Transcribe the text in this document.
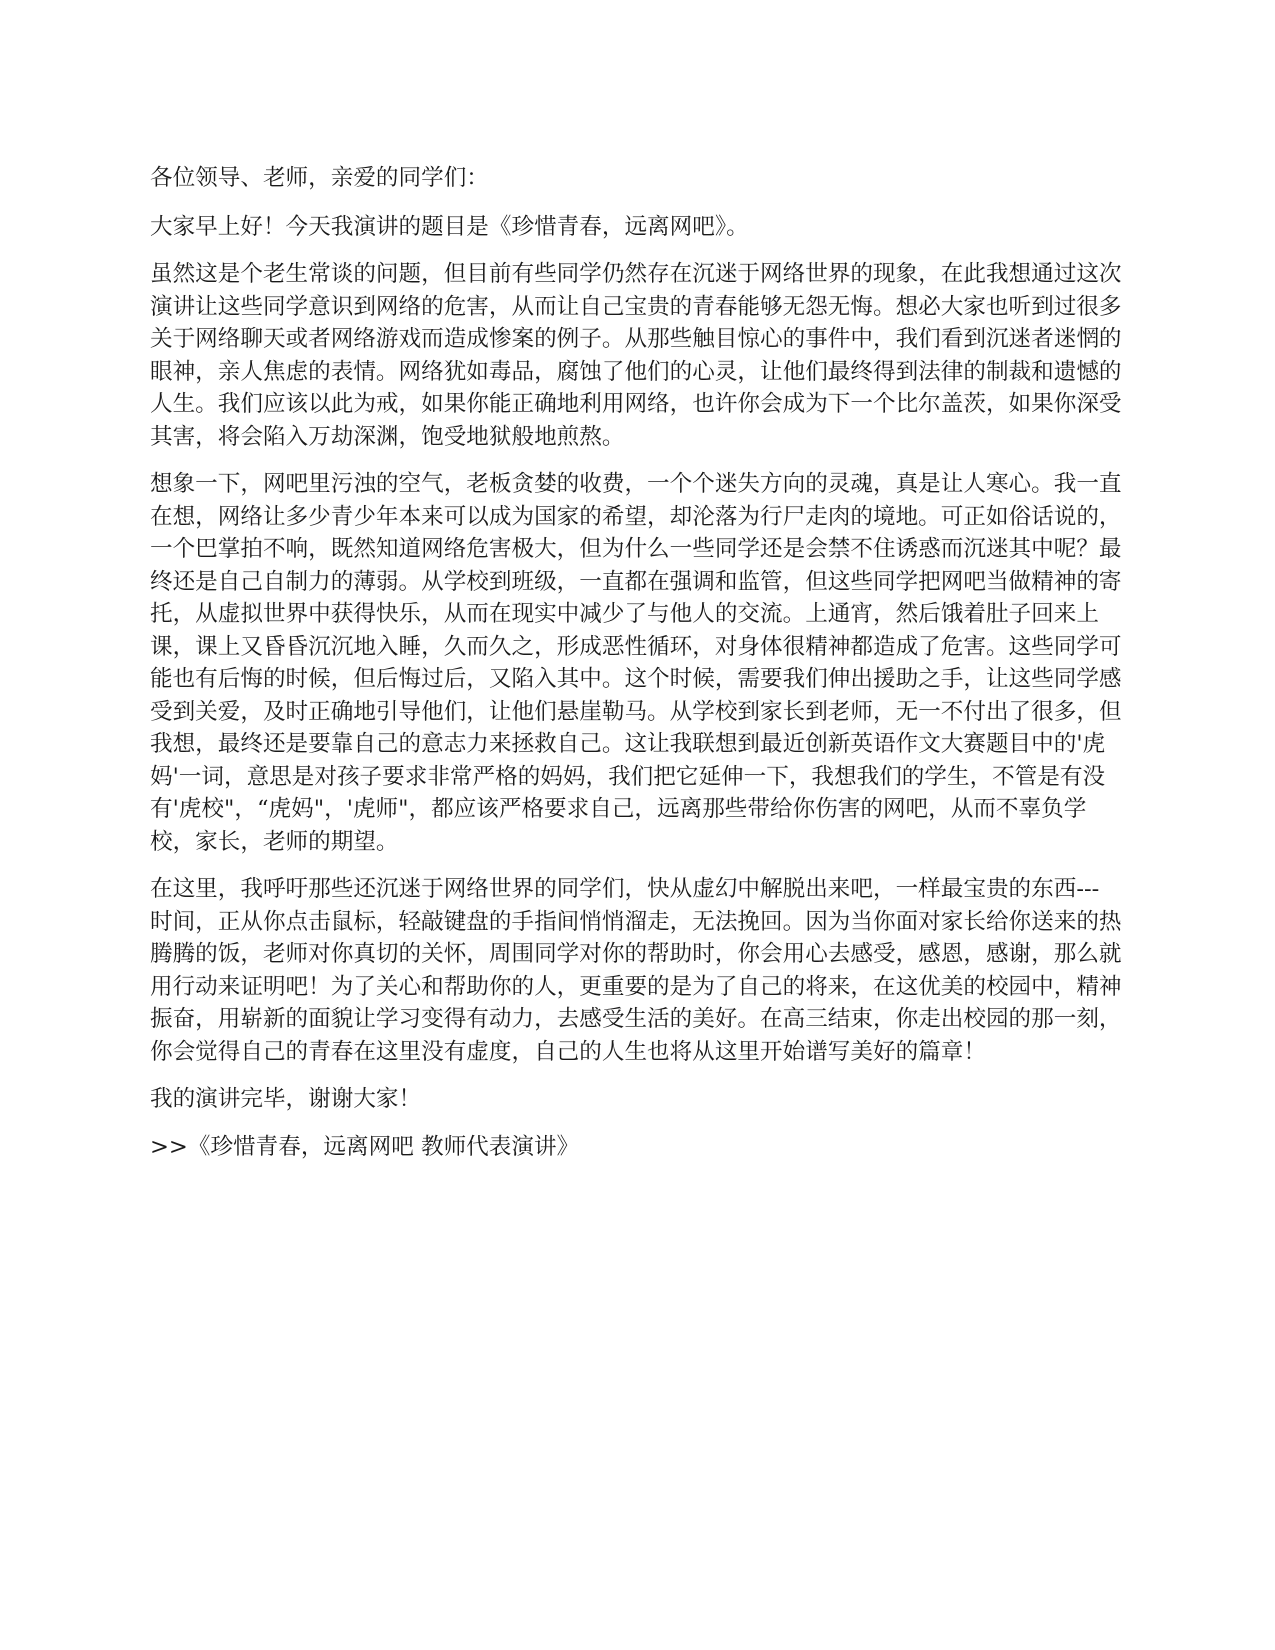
各位领导、老师，亲爱的同学们：

大家早上好！今天我演讲的题目是《珍惜青春，远离网吧》。

虽然这是个老生常谈的问题，但目前有些同学仍然存在沉迷于网络世界的现象，在此我想通过这次演讲让这些同学意识到网络的危害，从而让自己宝贵的青春能够无怨无悔。想必大家也听到过很多关于网络聊天或者网络游戏而造成惨案的例子。从那些触目惊心的事件中，我们看到沉迷者迷惘的眼神，亲人焦虑的表情。网络犹如毒品，腐蚀了他们的心灵，让他们最终得到法律的制裁和遗憾的人生。我们应该以此为戒，如果你能正确地利用网络，也许你会成为下一个比尔盖茨，如果你深受其害，将会陷入万劫深渊，饱受地狱般地煎熬。

想象一下，网吧里污浊的空气，老板贪婪的收费，一个个迷失方向的灵魂，真是让人寒心。我一直在想，网络让多少青少年本来可以成为国家的希望，却沦落为行尸走肉的境地。可正如俗话说的，一个巴掌拍不响，既然知道网络危害极大，但为什么一些同学还是会禁不住诱惑而沉迷其中呢？最终还是自己自制力的薄弱。从学校到班级，一直都在强调和监管，但这些同学把网吧当做精神的寄托，从虚拟世界中获得快乐，从而在现实中减少了与他人的交流。上通宵，然后饿着肚子回来上课，课上又昏昏沉沉地入睡，久而久之，形成恶性循环，对身体很精神都造成了危害。这些同学可能也有后悔的时候，但后悔过后，又陷入其中。这个时候，需要我们伸出援助之手，让这些同学感受到关爱，及时正确地引导他们，让他们悬崖勒马。从学校到家长到老师，无一不付出了很多，但我想，最终还是要靠自己的意志力来拯救自己。这让我联想到最近创新英语作文大赛题目中的'虎妈'一词，意思是对孩子要求非常严格的妈妈，我们把它延伸一下，我想我们的学生，不管是有没有'虎校"，“虎妈"，'虎师"，都应该严格要求自己，远离那些带给你伤害的网吧，从而不辜负学校，家长，老师的期望。

在这里，我呼吁那些还沉迷于网络世界的同学们，快从虚幻中解脱出来吧，一样最宝贵的东西---

时间，正从你点击鼠标，轻敲键盘的手指间悄悄溜走，无法挽回。因为当你面对家长给你送来的热腾腾的饭，老师对你真切的关怀，周围同学对你的帮助时，你会用心去感受，感恩，感谢，那么就用行动来证明吧！为了关心和帮助你的人，更重要的是为了自己的将来，在这优美的校园中，精神振奋，用崭新的面貌让学习变得有动力，去感受生活的美好。在高三结束，你走出校园的那一刻，你会觉得自己的青春在这里没有虚度，自己的人生也将从这里开始谱写美好的篇章！

我的演讲完毕，谢谢大家！

>>《珍惜青春，远离网吧 教师代表演讲》
